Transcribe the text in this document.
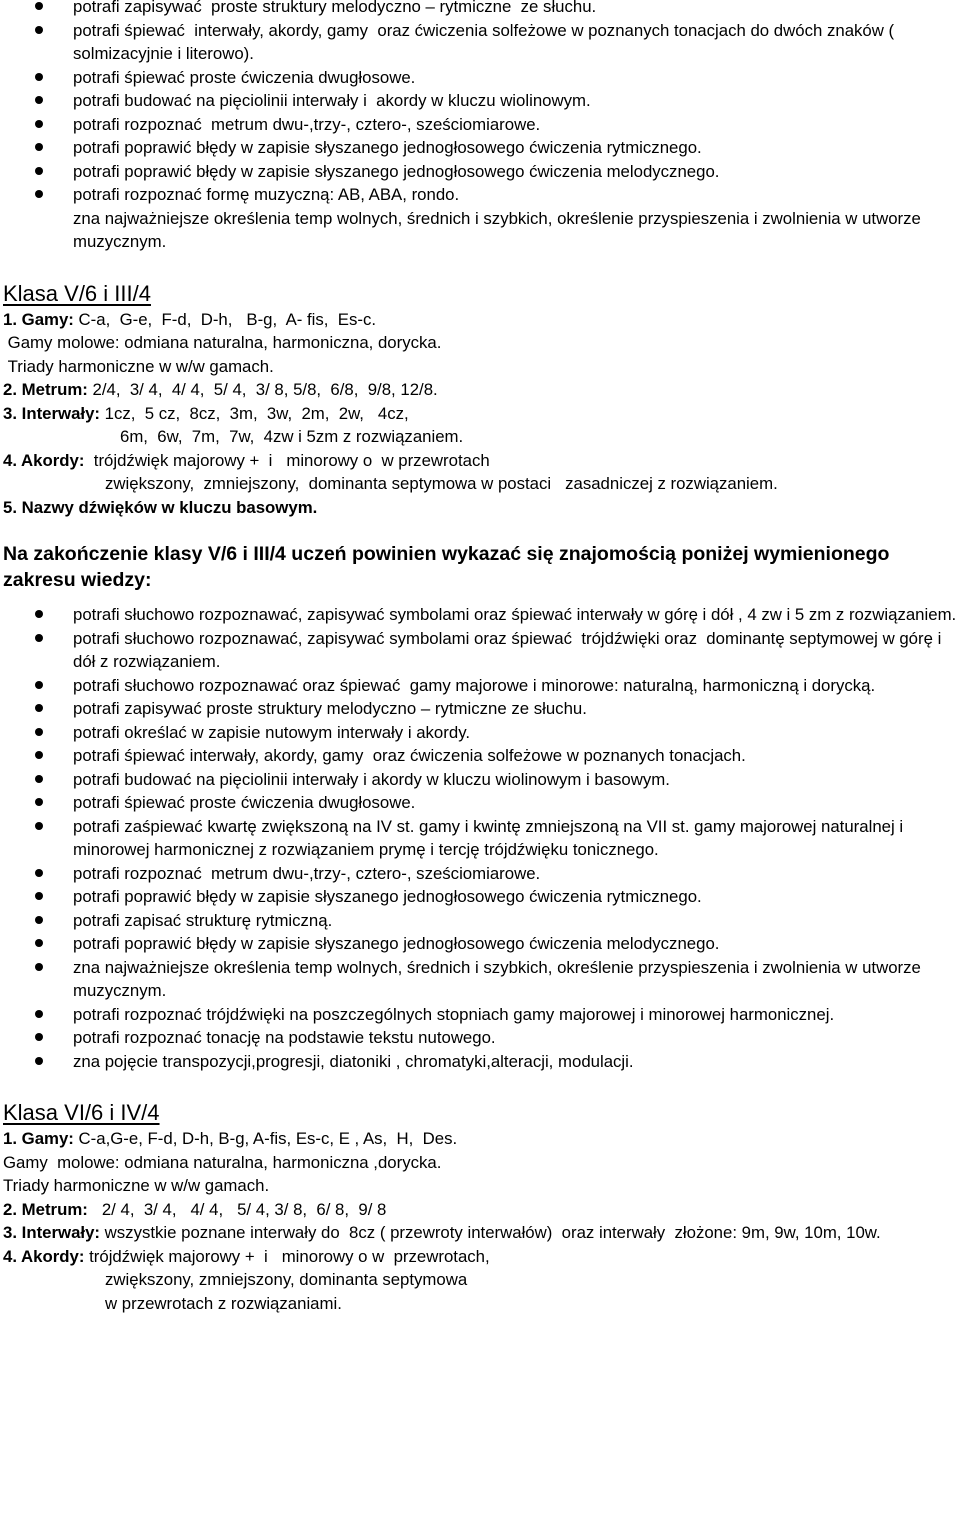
potrafi zapisywać  proste struktury melodyczno – rytmiczne  ze słuchu.
potrafi śpiewać  interwały, akordy, gamy  oraz ćwiczenia solfeżowe w poznanych tonacjach do dwóch znaków ( solmizacyjnie i literowo).
potrafi śpiewać proste ćwiczenia dwugłosowe.
potrafi budować na pięciolinii interwały i  akordy w kluczu wiolinowym.
potrafi rozpoznać  metrum dwu-,trzy-, cztero-, sześciomiarowe.
potrafi poprawić błędy w zapisie słyszanego jednogłosowego ćwiczenia rytmicznego.
potrafi poprawić błędy w zapisie słyszanego jednogłosowego ćwiczenia melodycznego.
potrafi rozpoznać formę muzyczną: AB, ABA, rondo.
zna najważniejsze określenia temp wolnych, średnich i szybkich, określenie przyspieszenia i zwolnienia w utworze muzycznym.
Klasa V/6 i III/4
1. Gamy: C-a,  G-e,  F-d,  D-h,   B-g,  A- fis,  Es-c.
Gamy molowe: odmiana naturalna, harmoniczna, dorycka.
Triady harmoniczne w w/w gamach.
2. Metrum: 2/4,  3/ 4,  4/ 4,  5/ 4,  3/ 8, 5/8,  6/8,  9/8, 12/8.
3. Interwały: 1cz,  5 cz,  8cz,  3m,  3w,  2m,  2w,   4cz,
6m,  6w,  7m,  7w,  4zw i 5zm z rozwiązaniem.
4. Akordy:  trójdźwięk majorowy +  i   minorowy o  w przewrotach
zwiększony,  zmniejszony,  dominanta septymowa w postaci   zasadniczej z rozwiązaniem.
5. Nazwy dźwięków w kluczu basowym.
Na zakończenie klasy V/6 i III/4 uczeń powinien wykazać się znajomością poniżej wymienionego zakresu wiedzy:
potrafi słuchowo rozpoznawać, zapisywać symbolami oraz śpiewać interwały w górę i dół , 4 zw i 5 zm z rozwiązaniem.
potrafi słuchowo rozpoznawać, zapisywać symbolami oraz śpiewać  trójdźwięki oraz  dominantę septymowej w górę i dół z rozwiązaniem.
potrafi słuchowo rozpoznawać oraz śpiewać  gamy majorowe i minorowe: naturalną, harmoniczną i dorycką.
potrafi zapisywać proste struktury melodyczno – rytmiczne ze słuchu.
potrafi określać w zapisie nutowym interwały i akordy.
potrafi śpiewać interwały, akordy, gamy  oraz ćwiczenia solfeżowe w poznanych tonacjach.
potrafi budować na pięciolinii interwały i akordy w kluczu wiolinowym i basowym.
potrafi śpiewać proste ćwiczenia dwugłosowe.
potrafi zaśpiewać kwartę zwiększoną na IV st. gamy i kwintę zmniejszoną na VII st. gamy majorowej naturalnej i minorowej harmonicznej z rozwiązaniem prymę i tercję trójdźwięku tonicznego.
potrafi rozpoznać  metrum dwu-,trzy-, cztero-, sześciomiarowe.
potrafi poprawić błędy w zapisie słyszanego jednogłosowego ćwiczenia rytmicznego.
potrafi zapisać strukturę rytmiczną.
potrafi poprawić błędy w zapisie słyszanego jednogłosowego ćwiczenia melodycznego.
zna najważniejsze określenia temp wolnych, średnich i szybkich, określenie przyspieszenia i zwolnienia w utworze muzycznym.
potrafi rozpoznać trójdźwięki na poszczególnych stopniach gamy majorowej i minorowej harmonicznej.
potrafi rozpoznać tonację na podstawie tekstu nutowego.
zna pojęcie transpozycji,progresji, diatoniki , chromatyki,alteracji, modulacji.
Klasa VI/6 i IV/4
1. Gamy: C-a,G-e, F-d, D-h, B-g, A-fis, Es-c, E , As,  H,  Des.
Gamy  molowe: odmiana naturalna, harmoniczna ,dorycka.
Triady harmoniczne w w/w gamach.
2. Metrum:   2/ 4,  3/ 4,   4/ 4,   5/ 4, 3/ 8,  6/ 8,  9/ 8
3. Interwały: wszystkie poznane interwały do  8cz ( przewroty interwałów)  oraz interwały  złożone: 9m, 9w, 10m, 10w.
4. Akordy: trójdźwięk majorowy +  i   minorowy o w  przewrotach,
zwiększony, zmniejszony, dominanta septymowa
w przewrotach z rozwiązaniami.
